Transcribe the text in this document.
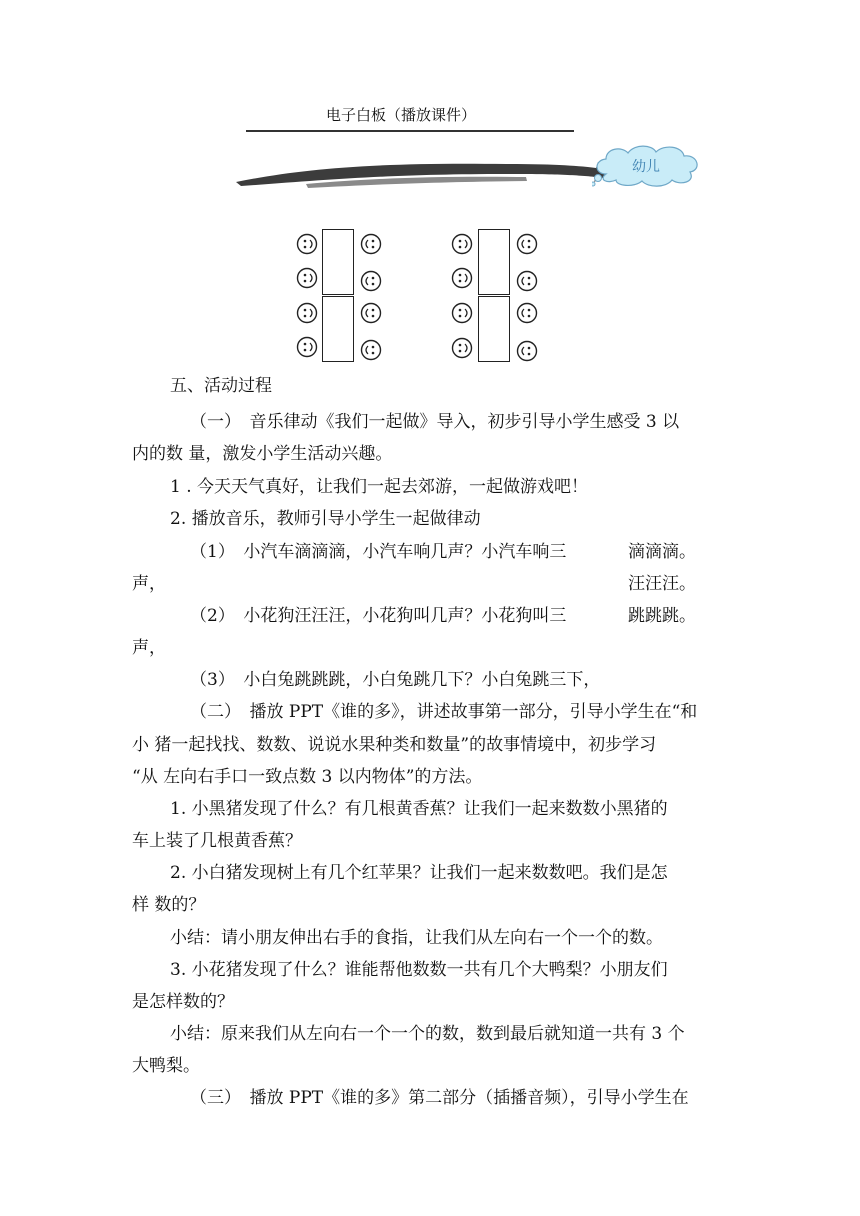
电子白板（播放课件）
幼儿
五、活动过程
（一）　音乐律动《我们一起做》导入，初步引导小学生感受 3 以
内的数 量，激发小学生活动兴趣。
1 . 今天天气真好，让我们一起去郊游，一起做游戏吧！
2. 播放音乐，教师引导小学生一起做律动
（1）　小汽车滴滴滴，小汽车响几声？小汽车响三	滴滴滴。
声，	汪汪汪。
（2）　小花狗汪汪汪，小花狗叫几声？小花狗叫三	跳跳跳。
声，
（3）　小白兔跳跳跳，小白兔跳几下？小白兔跳三下，
（二）　播放 PPT《谁的多》，讲述故事第一部分，引导小学生在“和
小 猪一起找找、数数、说说水果种类和数量”的故事情境中，初步学习
“从 左向右手口一致点数 3 以内物体”的方法。
1. 小黑猪发现了什么？有几根黄香蕉？让我们一起来数数小黑猪的
车上装了几根黄香蕉？
2. 小白猪发现树上有几个红苹果？让我们一起来数数吧。我们是怎
样 数的？
小结：请小朋友伸出右手的食指，让我们从左向右一个一个的数。
3. 小花猪发现了什么？谁能帮他数数一共有几个大鸭梨？小朋友们
是怎样数的？
小结：原来我们从左向右一个一个的数，数到最后就知道一共有 3 个
大鸭梨。
（三）　播放 PPT《谁的多》第二部分（插播音频），引导小学生在
